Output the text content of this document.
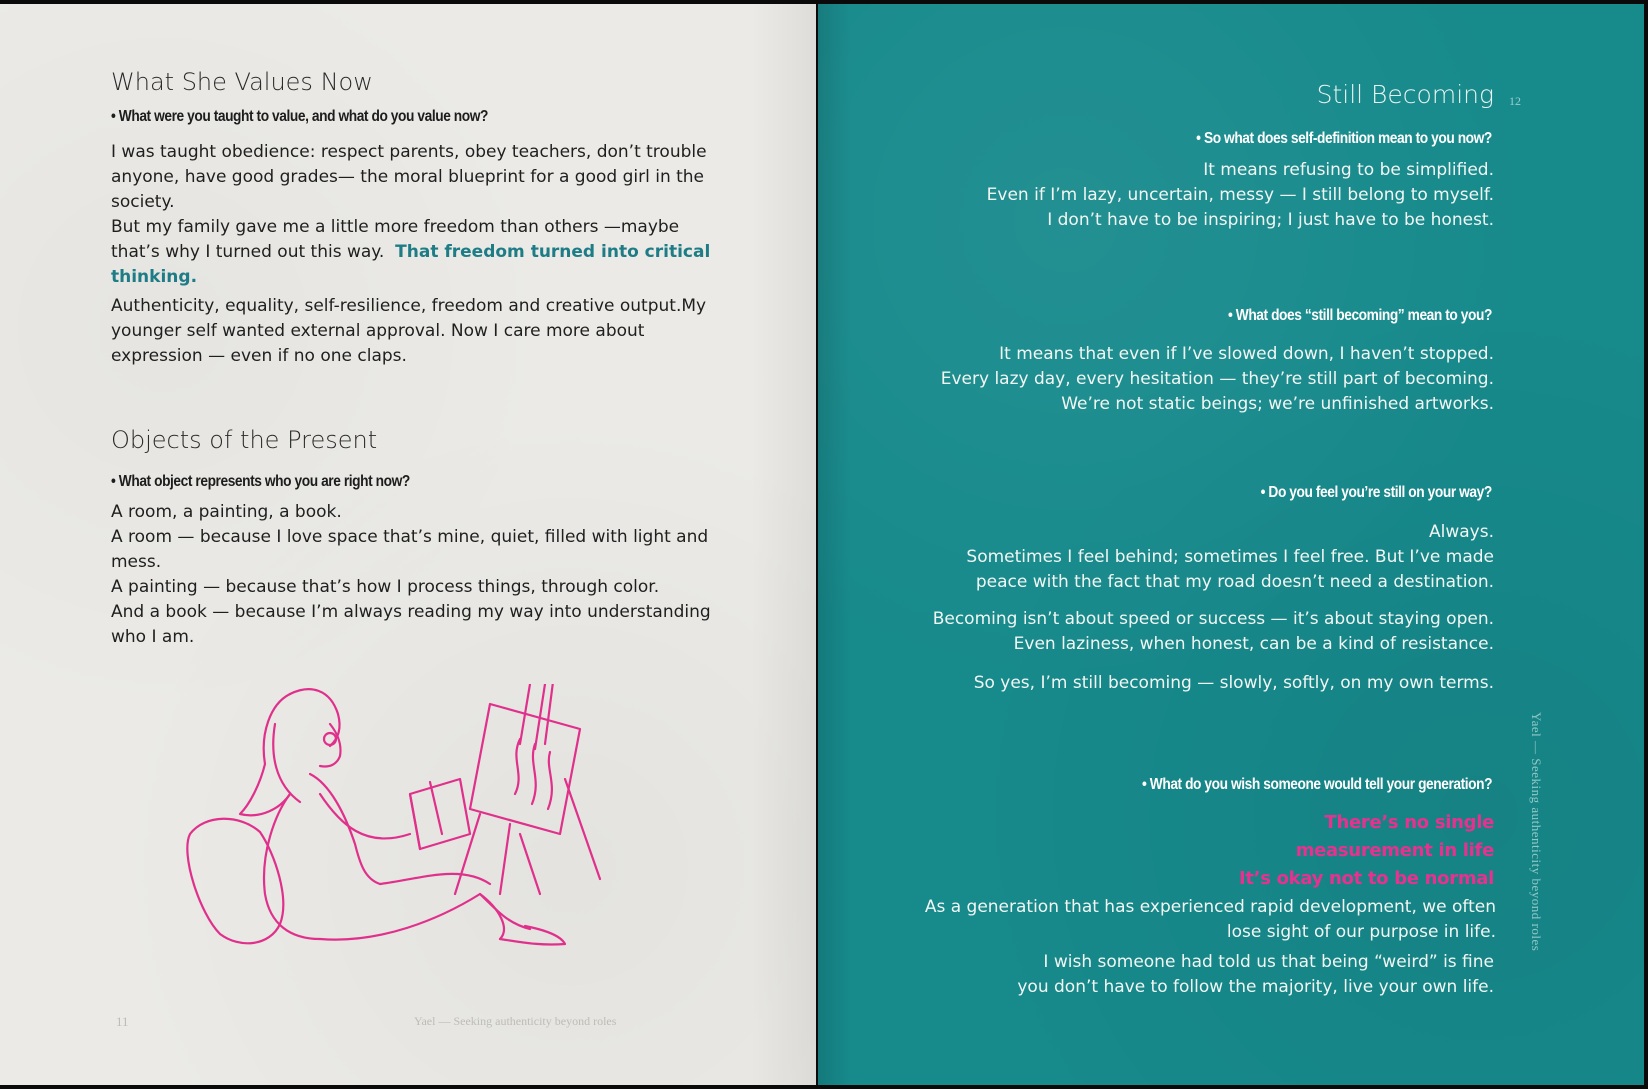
What She Values Now
• What were you taught to value, and what do you value now?
I was taught obedience: respect parents, obey teachers, don’t trouble
anyone, have good grades— the moral blueprint for a good girl in the
society.
But my family gave me a little more freedom than others —maybe
that’s why I turned out this way.  That freedom turned into critical
thinking.
Authenticity, equality, self-resilience, freedom and creative output.My
younger self wanted external approval. Now I care more about
expression — even if no one claps.
Objects of the Present
• What object represents who you are right now?
A room, a painting, a book.
A room — because I love space that’s mine, quiet, filled with light and
mess.
A painting — because that’s how I process things, through color.
And a book — because I’m always reading my way into understanding
who I am.
11	Yael — Seeking authenticity beyond roles
Still Becoming 12
• So what does self-definition mean to you now?
It means refusing to be simplified.
Even if I’m lazy, uncertain, messy — I still belong to myself.
I don’t have to be inspiring; I just have to be honest.
• What does “still becoming” mean to you?
It means that even if I’ve slowed down, I haven’t stopped.
Every lazy day, every hesitation — they’re still part of becoming.
We’re not static beings; we’re unfinished artworks.
• Do you feel you’re still on your way?
Always.
Sometimes I feel behind; sometimes I feel free. But I’ve made
peace with the fact that my road doesn’t need a destination.
Becoming isn’t about speed or success — it’s about staying open.
Even laziness, when honest, can be a kind of resistance.
So yes, I’m still becoming — slowly, softly, on my own terms.
• What do you wish someone would tell your generation?
There’s no single
measurement in life
It’s okay not to be normal
As a generation that has experienced rapid development, we often
lose sight of our purpose in life.
I wish someone had told us that being “weird” is fine
you don’t have to follow the majority, live your own life.
Yael — Seeking authenticity beyond roles
